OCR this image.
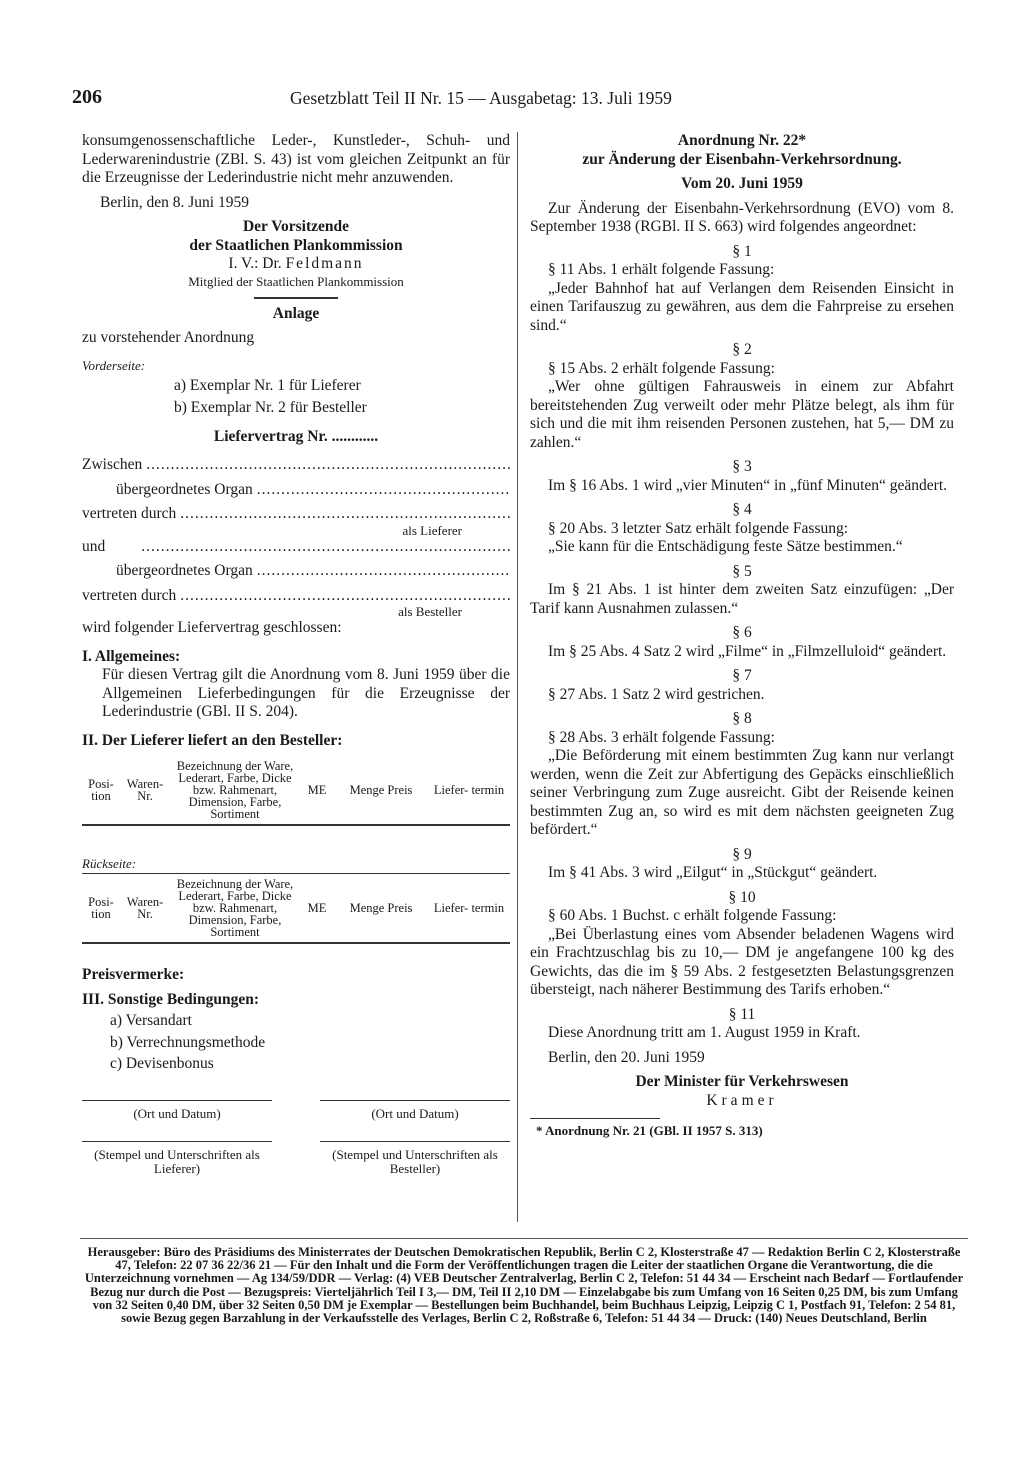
206	Gesetzblatt Teil II Nr. 15 — Ausgabetag: 13. Juli 1959

konsumgenossenschaftliche Leder-, Kunstleder-, Schuh- und Lederwarenindustrie (ZBl. S. 43) ist vom gleichen Zeitpunkt an für die Erzeugnisse der Lederindustrie nicht mehr anzuwenden.

Berlin, den 8. Juni 1959

Der Vorsitzende

der Staatlichen Plankommission

I. V.: Dr. Feldmann

Mitglied der Staatlichen Plankommission

Anlage

zu vorstehender Anordnung

Vorderseite:

a) Exemplar Nr. 1 für Lieferer

b) Exemplar Nr. 2 für Besteller

Liefervertrag Nr. ............

Zwischen
.....
übergeordnetes Organ
.....
vertreten durch
.....

als Lieferer

und
.....
übergeordnetes Organ
.....
vertreten durch
.....

als Besteller

wird folgender Liefervertrag geschlossen:

I. Allgemeines:

Für diesen Vertrag gilt die Anordnung vom 8. Juni 1959 über die Allgemeinen Lieferbedingungen für die Erzeugnisse der Lederindustrie (GBl. II S. 204).

II. Der Lieferer liefert an den Besteller:

Posi- tion	Waren- Nr.	Bezeichnung der Ware, Lederart, Farbe, Dicke bzw. Rahmenart, Dimension, Farbe, Sortiment	ME	Menge Preis	Liefer- termin

Rückseite:

Posi- tion	Waren- Nr.	Bezeichnung der Ware, Lederart, Farbe, Dicke bzw. Rahmenart, Dimension, Farbe, Sortiment	ME	Menge Preis	Liefer- termin

Preisvermerke:

III. Sonstige Bedingungen:

a) Versandart

b) Verrechnungsmethode

c) Devisenbonus

(Ort und Datum)	(Ort und Datum)
(Stempel und Unterschriften als Lieferer)
(Stempel und Unterschriften als Besteller)

Anordnung Nr. 22*

zur Änderung der Eisenbahn-Verkehrsordnung.

Vom 20. Juni 1959

Zur Änderung der Eisenbahn-Verkehrsordnung (EVO) vom 8. September 1938 (RGBl. II S. 663) wird folgendes angeordnet:

§ 1

§ 11 Abs. 1 erhält folgende Fassung:

„Jeder Bahnhof hat auf Verlangen dem Reisenden Einsicht in einen Tarifauszug zu gewähren, aus dem die Fahrpreise zu ersehen sind.“

§ 2

§ 15 Abs. 2 erhält folgende Fassung:

„Wer ohne gültigen Fahrausweis in einem zur Abfahrt bereitstehenden Zug verweilt oder mehr Plätze belegt, als ihm für sich und die mit ihm reisenden Personen zustehen, hat 5,— DM zu zahlen.“

§ 3

Im § 16 Abs. 1 wird „vier Minuten“ in „fünf Minuten“ geändert.

§ 4

§ 20 Abs. 3 letzter Satz erhält folgende Fassung:

„Sie kann für die Entschädigung feste Sätze bestimmen.“

§ 5

Im § 21 Abs. 1 ist hinter dem zweiten Satz einzufügen: „Der Tarif kann Ausnahmen zulassen.“

§ 6

Im § 25 Abs. 4 Satz 2 wird „Filme“ in „Filmzelluloid“ geändert.

§ 7

§ 27 Abs. 1 Satz 2 wird gestrichen.

§ 8

§ 28 Abs. 3 erhält folgende Fassung:

„Die Beförderung mit einem bestimmten Zug kann nur verlangt werden, wenn die Zeit zur Abfertigung des Gepäcks einschließlich seiner Verbringung zum Zuge ausreicht. Gibt der Reisende keinen bestimmten Zug an, so wird es mit dem nächsten geeigneten Zug befördert.“

§ 9

Im § 41 Abs. 3 wird „Eilgut“ in „Stückgut“ geändert.

§ 10

§ 60 Abs. 1 Buchst. c erhält folgende Fassung:

„Bei Überlastung eines vom Absender beladenen Wagens wird ein Frachtzuschlag bis zu 10,— DM je angefangene 100 kg des Gewichts, das die im § 59 Abs. 2 festgesetzten Belastungsgrenzen übersteigt, nach näherer Bestimmung des Tarifs erhoben.“

§ 11

Diese Anordnung tritt am 1. August 1959 in Kraft.

Berlin, den 20. Juni 1959

Der Minister für Verkehrswesen

Kramer

* Anordnung Nr. 21 (GBl. II 1957 S. 313)

Herausgeber: Büro des Präsidiums des Ministerrates der Deutschen Demokratischen Republik, Berlin C 2, Klosterstraße 47 — Redaktion Berlin C 2, Klosterstraße 47, Telefon: 22 07 36 22/36 21 — Für den Inhalt und die Form der Veröffentlichungen tragen die Leiter der staatlichen Organe die Verantwortung, die die Unterzeichnung vornehmen — Ag 134/59/DDR — Verlag: (4) VEB Deutscher Zentralverlag, Berlin C 2, Telefon: 51 44 34 — Erscheint nach Bedarf — Fortlaufender Bezug nur durch die Post — Bezugspreis: Vierteljährlich Teil I 3,— DM, Teil II 2,10 DM — Einzelabgabe bis zum Umfang von 16 Seiten 0,25 DM, bis zum Umfang von 32 Seiten 0,40 DM, über 32 Seiten 0,50 DM je Exemplar — Bestellungen beim Buchhandel, beim Buchhaus Leipzig, Leipzig C 1, Postfach 91, Telefon: 2 54 81, sowie Bezug gegen Barzahlung in der Verkaufsstelle des Verlages, Berlin C 2, Roßstraße 6, Telefon: 51 44 34 — Druck: (140) Neues Deutschland, Berlin
